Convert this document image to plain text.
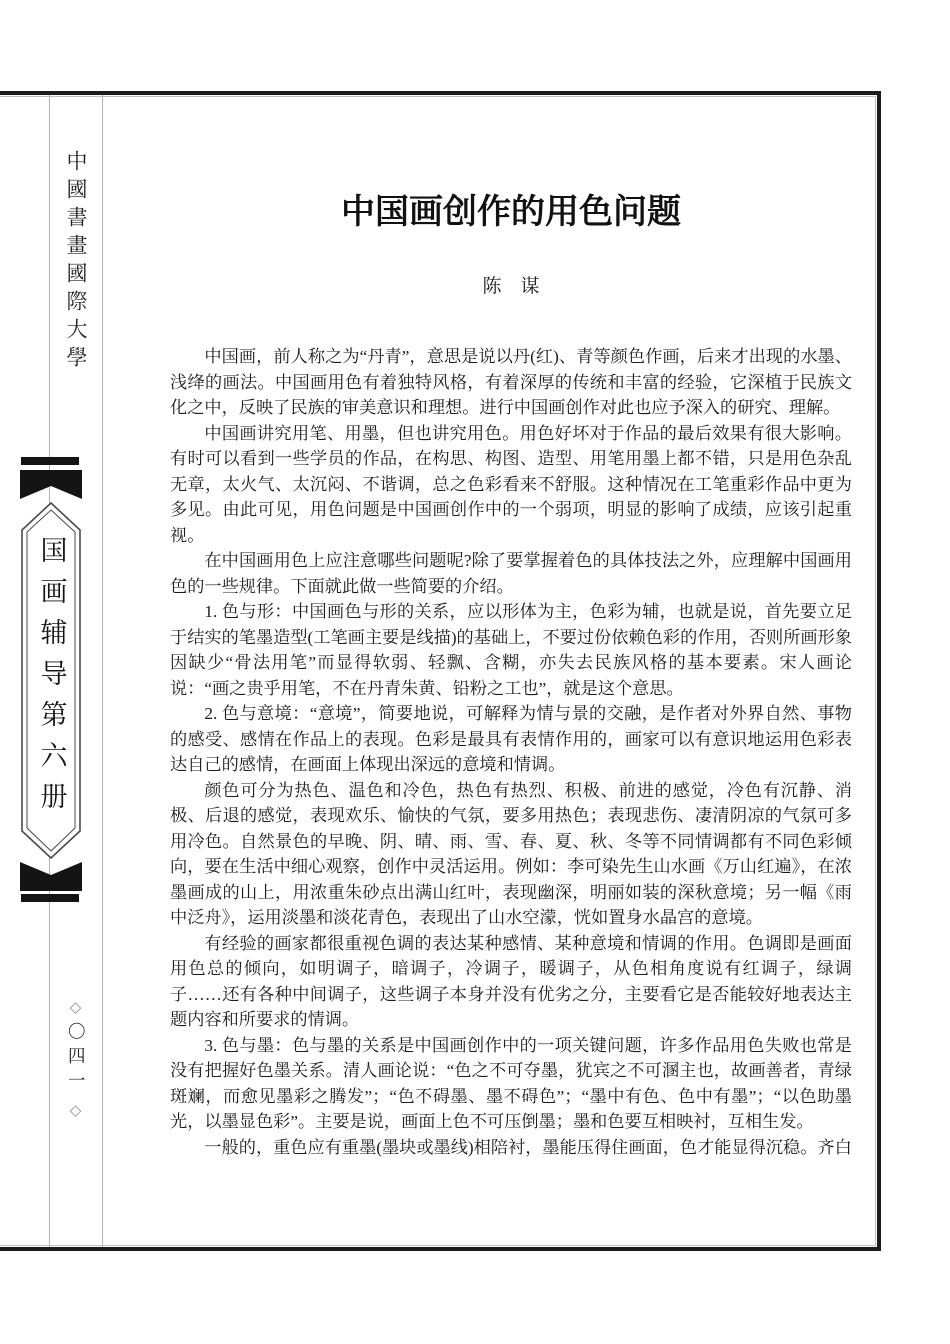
中國書畫國際大學
国画辅导第六册
◇
〇四一
◇
中国画创作的用色问题
陈　谋

中国画，前人称之为“丹青”，意思是说以丹(红)、青等颜色作画，后来才出现的水墨、浅绛的画法。中国画用色有着独特风格，有着深厚的传统和丰富的经验，它深植于民族文化之中，反映了民族的审美意识和理想。进行中国画创作对此也应予深入的研究、理解。

中国画讲究用笔、用墨，但也讲究用色。用色好坏对于作品的最后效果有很大影响。有时可以看到一些学员的作品，在构思、构图、造型、用笔用墨上都不错，只是用色杂乱无章，太火气、太沉闷、不谐调，总之色彩看来不舒服。这种情况在工笔重彩作品中更为多见。由此可见，用色问题是中国画创作中的一个弱项，明显的影响了成绩，应该引起重视。

在中国画用色上应注意哪些问题呢?除了要掌握着色的具体技法之外，应理解中国画用色的一些规律。下面就此做一些简要的介绍。

1. 色与形：中国画色与形的关系，应以形体为主，色彩为辅，也就是说，首先要立足于结实的笔墨造型(工笔画主要是线描)的基础上，不要过份依赖色彩的作用，否则所画形象因缺少“骨法用笔”而显得软弱、轻飘、含糊，亦失去民族风格的基本要素。宋人画论说：“画之贵乎用笔，不在丹青朱黄、铅粉之工也”，就是这个意思。

2. 色与意境：“意境”，简要地说，可解释为情与景的交融，是作者对外界自然、事物的感受、感情在作品上的表现。色彩是最具有表情作用的，画家可以有意识地运用色彩表达自己的感情，在画面上体现出深远的意境和情调。

颜色可分为热色、温色和冷色，热色有热烈、积极、前进的感觉，冷色有沉静、消极、后退的感觉，表现欢乐、愉快的气氛，要多用热色；表现悲伤、凄清阴凉的气氛可多用冷色。自然景色的早晚、阴、晴、雨、雪、春、夏、秋、冬等不同情调都有不同色彩倾向，要在生活中细心观察，创作中灵活运用。例如：李可染先生山水画《万山红遍》，在浓墨画成的山上，用浓重朱砂点出满山红叶，表现幽深，明丽如装的深秋意境；另一幅《雨中泛舟》，运用淡墨和淡花青色，表现出了山水空濛，恍如置身水晶宫的意境。

有经验的画家都很重视色调的表达某种感情、某种意境和情调的作用。色调即是画面用色总的倾向，如明调子，暗调子，冷调子，暖调子，从色相角度说有红调子，绿调子……还有各种中间调子，这些调子本身并没有优劣之分，主要看它是否能较好地表达主题内容和所要求的情调。

3. 色与墨：色与墨的关系是中国画创作中的一项关键问题，许多作品用色失败也常是没有把握好色墨关系。清人画论说：“色之不可夺墨，犹宾之不可溷主也，故画善者，青绿斑斓，而愈见墨彩之腾发”；“色不碍墨、墨不碍色”；“墨中有色、色中有墨”；“以色助墨光，以墨显色彩”。主要是说，画面上色不可压倒墨；墨和色要互相映衬，互相生发。

一般的，重色应有重墨(墨块或墨线)相陪衬，墨能压得住画面，色才能显得沉稳。齐白
